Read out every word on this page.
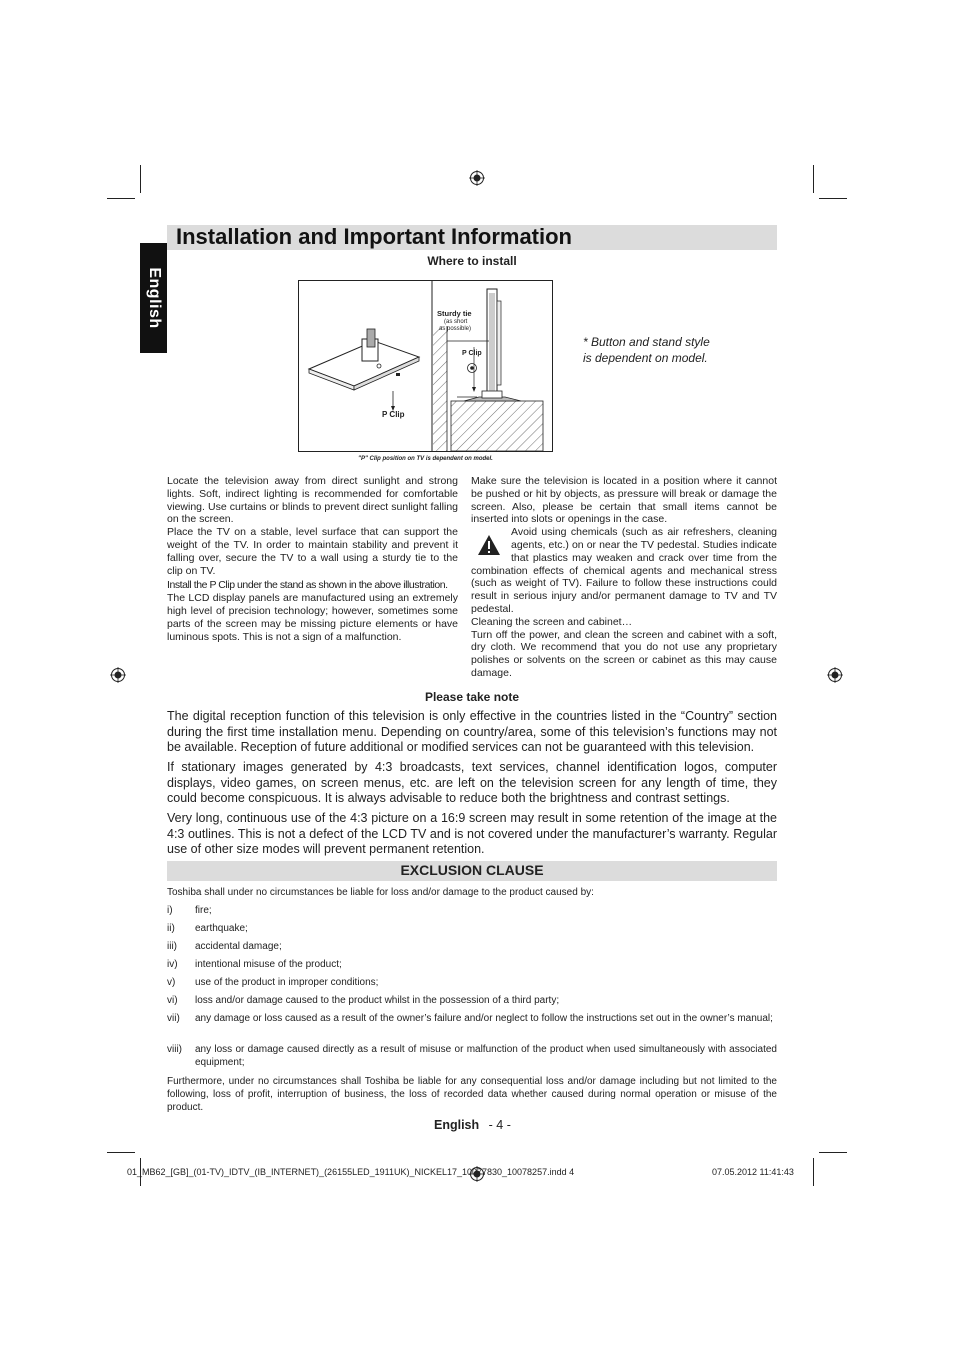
Installation and Important Information
English
Where to install
Sturdy tie
(as short
as possible)
P Clip
P Clip
"P" Clip position on TV is dependent on model.
* Button and stand style is dependent on model.

Locate the television away from direct sunlight and strong lights. Soft, indirect lighting is recommended for comfortable viewing. Use curtains or blinds to prevent direct sunlight falling on the screen.

Place the TV on a stable, level surface that can support the weight of the TV. In order to maintain stability and prevent it falling over, secure the TV to a wall using a sturdy tie to the clip on TV.

Install the P Clip under the stand as shown in the above illustration.

The LCD display panels are manufactured using an extremely high level of precision technology; however, sometimes some parts of the screen may be missing picture elements or have luminous spots. This is not a sign of a malfunction.

Make sure the television is located in a position where it cannot be pushed or hit by objects, as pressure will break or damage the screen. Also, please be certain that small items cannot be inserted into slots or openings in the case.

Avoid using chemicals (such as air refreshers, cleaning agents, etc.) on or near the TV pedestal. Studies indicate that plastics may weaken and crack over time from the combination effects of chemical agents and mechanical stress (such as weight of TV). Failure to follow these instructions could result in serious injury and/or permanent damage to TV and TV pedestal.

Cleaning the screen and cabinet…

Turn off the power, and clean the screen and cabinet with a soft, dry cloth. We recommend that you do not use any proprietary polishes or solvents on the screen or cabinet as this may cause damage.

Please take note

The digital reception function of this television is only effective in the countries listed in the “Country” section during the first time installation menu. Depending on country/area, some of this television’s functions may not be available. Reception of future additional or modified services can not be guaranteed with this television.

If stationary images generated by 4:3 broadcasts, text services, channel identification logos, computer displays, video games, on screen menus, etc. are left on the television screen for any length of time, they could become conspicuous. It is always advisable to reduce both the brightness and contrast settings.

Very long, continuous use of the 4:3 picture on a 16:9 screen may result in some retention of the image at the 4:3 outlines. This is not a defect of the LCD TV and is not covered under the manufacturer’s warranty. Regular use of other size modes will prevent permanent retention.

EXCLUSION CLAUSE
Toshiba shall under no circumstances be liable for loss and/or damage to the product caused by:
i) fire;
ii) earthquake;
iii) accidental damage;
iv) intentional misuse of the product;
v) use of the product in improper conditions;
vi) loss and/or damage caused to the product whilst in the possession of a third party;
vii) any damage or loss caused as a result of the owner’s failure and/or neglect to follow the instructions set out in the owner’s manual;
viii) any loss or damage caused directly as a result of misuse or malfunction of the product when used simultaneously with associated equipment;
Furthermore, under no circumstances shall Toshiba be liable for any consequential loss and/or damage including but not limited to the following, loss of profit, interruption of business, the loss of recorded data whether caused during normal operation or misuse of the product.
English - 4 -
01_MB62_[GB]_(01-TV)_IDTV_(IB_INTERNET)_(26155LED_1911UK)_NICKEL17_10077830_10078257.indd 4	07.05.2012 11:41:43
